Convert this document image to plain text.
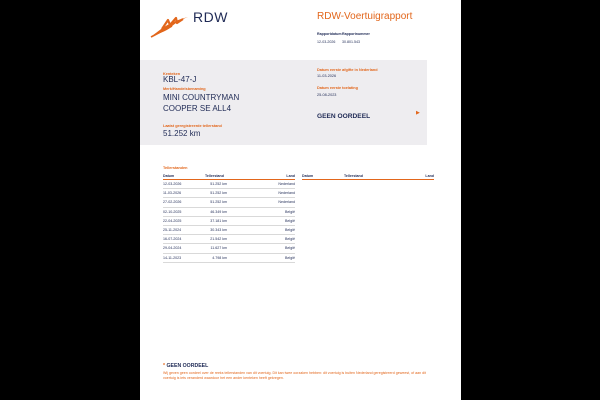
RDW	RDW-Voertuigrapport
Rapportdatum
12-03-2026
Rapportnummer
30.801.543
Kenteken
KBL-47-J
Merk/Handelsbenaming
MINI COUNTRYMAN
COOPER SE ALL4
Laatst geregistreerde tellerstand
51.252 km
Datum eerste afgifte in Nederland
11-03-2026
Datum eerste toelating
25-08-2023
GEEN OORDEEL	▶
Tellerstanden
Datum	Tellerstand	Land
12-03-2026	51.252 km	Nederland
11-03-2026	51.252 km	Nederland
27-02-2026	51.252 km	Nederland
02-10-2025	46.349 km	België
22-04-2025	37.181 km	België
25-11-2024	30.343 km	België
16-07-2024	21.542 km	België
29-04-2024	11.627 km	België
14-11-2023	4.798 km	België
Datum	Tellerstand	Land
* GEEN OORDEEL
Wij geven geen oordeel over de reeks tellerstanden van dit voertuig. Dit kan twee oorzaken hebben: dit voertuig is buiten Nederland geregistreerd geweest, of aan dit voertuig is iets veranderd waardoor het een ander kenteken heeft gekregen.
